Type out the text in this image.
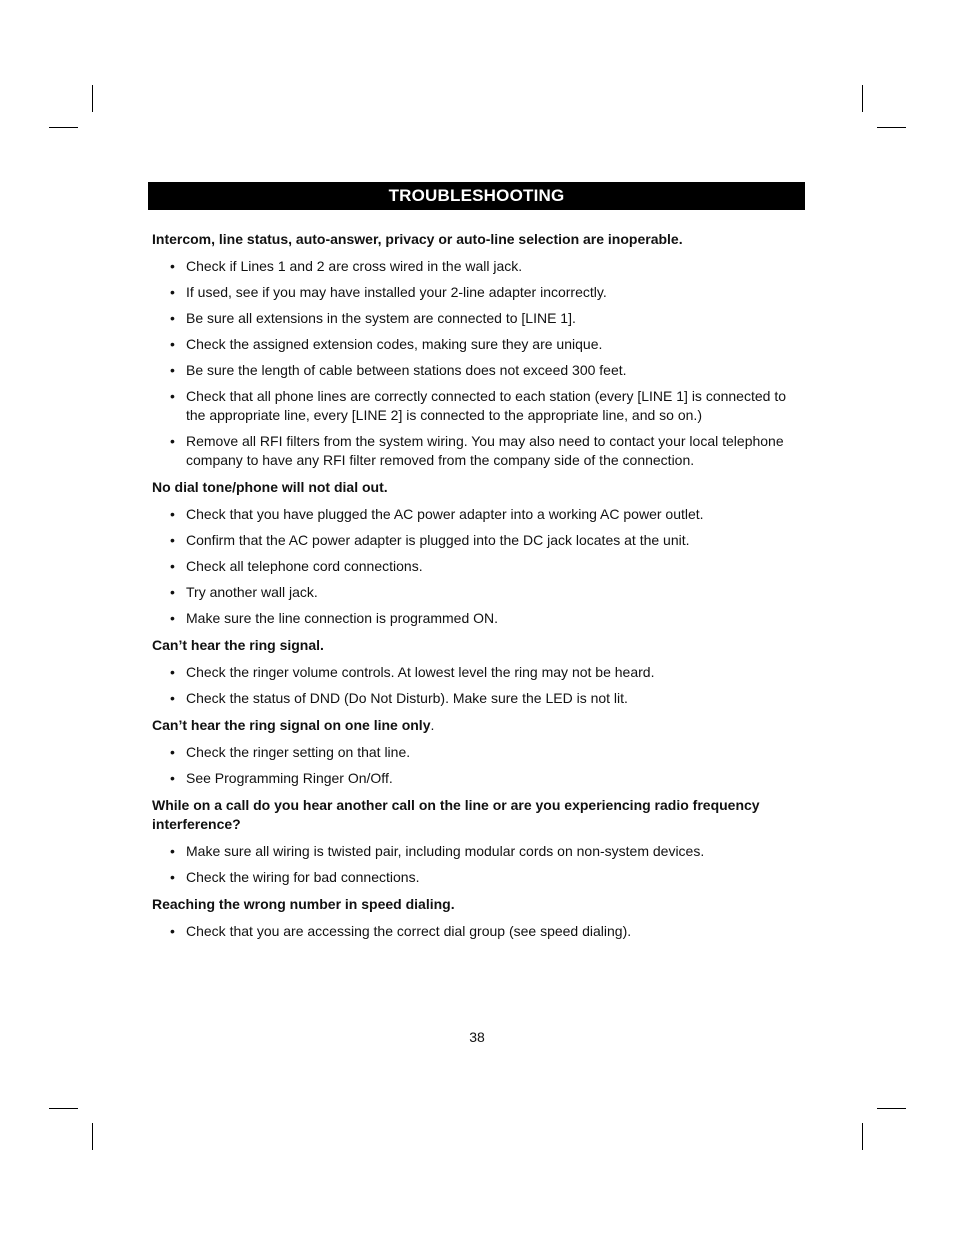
TROUBLESHOOTING
Intercom, line status, auto-answer, privacy or auto-line selection are inoperable.
• Check if Lines 1 and 2 are cross wired in the wall jack.
• If used, see if you may have installed your 2-line adapter incorrectly.
• Be sure all extensions in the system are connected to [LINE 1].
• Check the assigned extension codes, making sure they are unique.
• Be sure the length of cable between stations does not exceed 300 feet.
• Check that all phone lines are correctly connected to each station (every [LINE 1] is connected to the appropriate line, every [LINE 2] is connected to the appropriate line, and so on.)
• Remove all RFI filters from the system wiring. You may also need to contact your local telephone company to have any RFI filter removed from the company side of the connection.
No dial tone/phone will not dial out.
• Check that you have plugged the AC power adapter into a working AC power outlet.
• Confirm that the AC power adapter is plugged into the DC jack locates at the unit.
• Check all telephone cord connections.
• Try another wall jack.
• Make sure the line connection is programmed ON.
Can’t hear the ring signal.
• Check the ringer volume controls. At lowest level the ring may not be heard.
• Check the status of DND (Do Not Disturb). Make sure the LED is not lit.
Can’t hear the ring signal on one line only.
• Check the ringer setting on that line.
• See Programming Ringer On/Off.
While on a call do you hear another call on the line or are you experiencing radio frequency interference?
• Make sure all wiring is twisted pair, including modular cords on non-system devices.
• Check the wiring for bad connections.
Reaching the wrong number in speed dialing.
• Check that you are accessing the correct dial group (see speed dialing).
38
